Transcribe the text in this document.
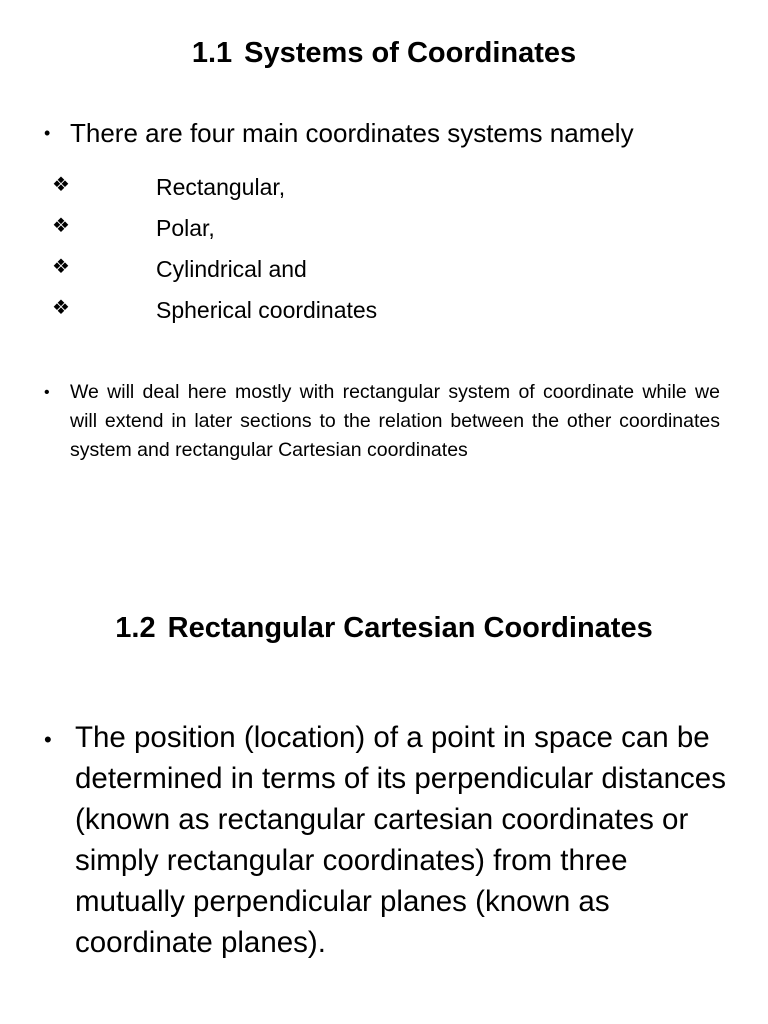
1.1 Systems of Coordinates
• There are four main coordinates systems namely
❖	Rectangular,
❖	Polar,
❖	Cylindrical and
❖	Spherical coordinates
• We will deal here mostly with rectangular system of coordinate while we will extend in later sections to the relation between the other coordinates system and rectangular Cartesian coordinates
1.2 Rectangular Cartesian Coordinates
• The position (location) of a point in space can be determined in terms of its perpendicular distances (known as rectangular cartesian coordinates or simply rectangular coordinates) from three mutually perpendicular planes (known as coordinate planes).
